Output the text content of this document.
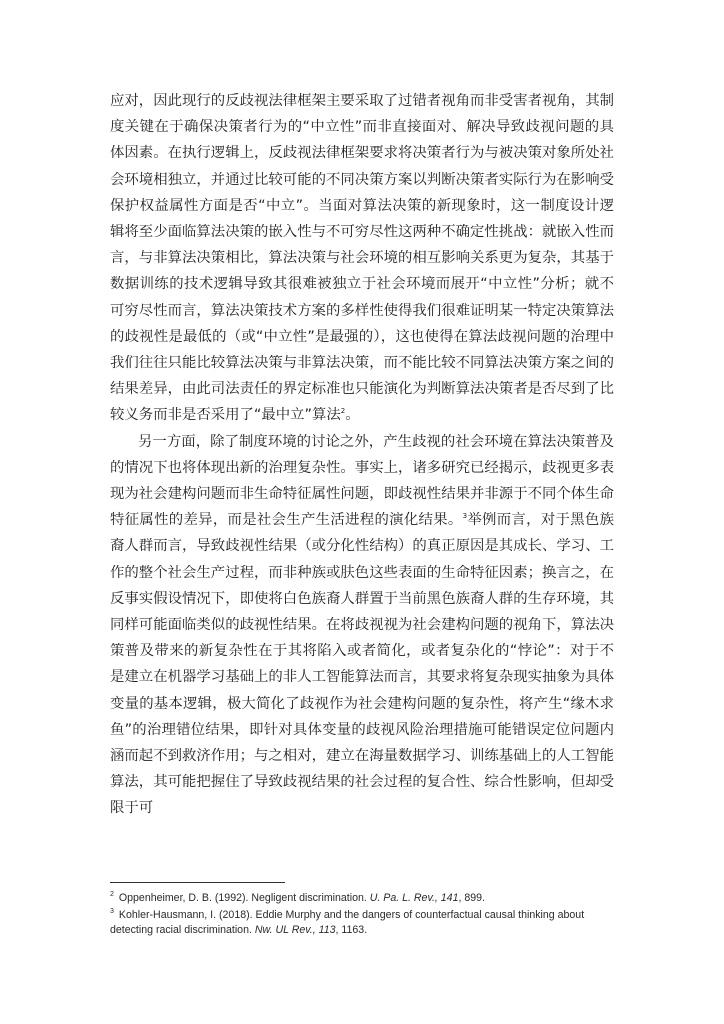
应对，因此现行的反歧视法律框架主要采取了过错者视角而非受害者视角，其制度关键在于确保决策者行为的“中立性”而非直接面对、解决导致歧视问题的具体因素。在执行逻辑上，反歧视法律框架要求将决策者行为与被决策对象所处社会环境相独立，并通过比较可能的不同决策方案以判断决策者实际行为在影响受保护权益属性方面是否“中立”。当面对算法决策的新现象时，这一制度设计逻辑将至少面临算法决策的嵌入性与不可穷尽性这两种不确定性挑战：就嵌入性而言，与非算法决策相比，算法决策与社会环境的相互影响关系更为复杂，其基于数据训练的技术逻辑导致其很难被独立于社会环境而展开“中立性”分析；就不可穷尽性而言，算法决策技术方案的多样性使得我们很难证明某一特定决策算法的歧视性是最低的（或“中立性”是最强的），这也使得在算法歧视问题的治理中我们往往只能比较算法决策与非算法决策，而不能比较不同算法决策方案之间的结果差异，由此司法责任的界定标准也只能演化为判断算法决策者是否尽到了比较义务而非是否采用了“最中立”算法$^2$。

另一方面，除了制度环境的讨论之外，产生歧视的社会环境在算法决策普及的情况下也将体现出新的治理复杂性。事实上，诸多研究已经揭示，歧视更多表现为社会建构问题而非生命特征属性问题，即歧视性结果并非源于不同个体生命特征属性的差异，而是社会生产生活进程的演化结果。$^3$举例而言，对于黑色族裔人群而言，导致歧视性结果（或分化性结构）的真正原因是其成长、学习、工作的整个社会生产过程，而非种族或肤色这些表面的生命特征因素；换言之，在反事实假设情况下，即使将白色族裔人群置于当前黑色族裔人群的生存环境，其同样可能面临类似的歧视性结果。在将歧视视为社会建构问题的视角下，算法决策普及带来的新复杂性在于其将陷入或者简化，或者复杂化的“悖论”：对于不是建立在机器学习基础上的非人工智能算法而言，其要求将复杂现实抽象为具体变量的基本逻辑，极大简化了歧视作为社会建构问题的复杂性，将产生“缘木求鱼”的治理错位结果，即针对具体变量的歧视风险治理措施可能错误定位问题内涵而起不到救济作用；与之相对，建立在海量数据学习、训练基础上的人工智能算法，其可能把握住了导致歧视结果的社会过程的复合性、综合性影响，但却受限于可

$^2$ Oppenheimer, D. B. (1992). Negligent discrimination. U. Pa. L. Rev., 141, 899.

$^3$ Kohler-Hausmann, I. (2018). Eddie Murphy and the dangers of counterfactual causal thinking about detecting racial discrimination. Nw. UL Rev., 113, 1163.
